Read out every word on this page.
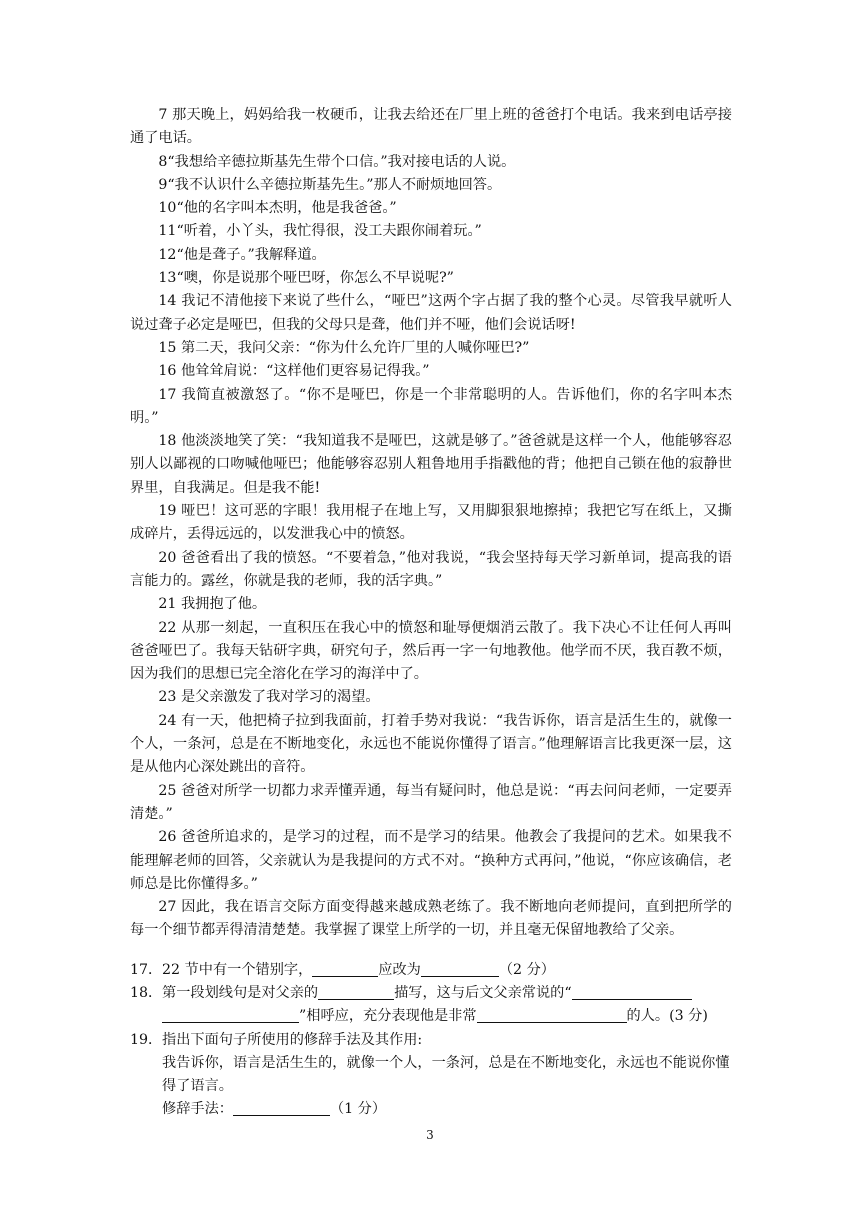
7 那天晚上，妈妈给我一枚硬币，让我去给还在厂里上班的爸爸打个电话。我来到电话亭接通了电话。

8“我想给辛德拉斯基先生带个口信。”我对接电话的人说。

9“我不认识什么辛德拉斯基先生。”那人不耐烦地回答。

10“他的名字叫本杰明，他是我爸爸。”

11“听着，小丫头，我忙得很，没工夫跟你闹着玩。”

12“他是聋子。”我解释道。

13“噢，你是说那个哑巴呀，你怎么不早说呢?”

14 我记不清他接下来说了些什么，“哑巴”这两个字占据了我的整个心灵。尽管我早就听人说过聋子必定是哑巴，但我的父母只是聋，他们并不哑，他们会说话呀!

15 第二天，我问父亲：“你为什么允许厂里的人喊你哑巴?”

16 他耸耸肩说：“这样他们更容易记得我。”

17 我简直被激怒了。“你不是哑巴，你是一个非常聪明的人。告诉他们，你的名字叫本杰明。”

18 他淡淡地笑了笑：“我知道我不是哑巴，这就是够了。”爸爸就是这样一个人，他能够容忍别人以鄙视的口吻喊他哑巴；他能够容忍别人粗鲁地用手指戳他的背；他把自己锁在他的寂静世界里，自我满足。但是我不能!

19 哑巴！这可恶的字眼！我用棍子在地上写，又用脚狠狠地擦掉；我把它写在纸上，又撕成碎片，丢得远远的，以发泄我心中的愤怒。

20 爸爸看出了我的愤怒。“不要着急，”他对我说，“我会坚持每天学习新单词，提高我的语言能力的。露丝，你就是我的老师，我的活字典。”

21 我拥抱了他。

22 从那一刻起，一直积压在我心中的愤怒和耻辱便烟消云散了。我下决心不让任何人再叫爸爸哑巴了。我每天钻研字典，研究句子，然后再一字一句地教他。他学而不厌，我百教不烦，因为我们的思想已完全溶化在学习的海洋中了。

23 是父亲激发了我对学习的渴望。

24 有一天，他把椅子拉到我面前，打着手势对我说：“我告诉你，语言是活生生的，就像一个人，一条河，总是在不断地变化，永远也不能说你懂得了语言。”他理解语言比我更深一层，这是从他内心深处跳出的音符。

25 爸爸对所学一切都力求弄懂弄通，每当有疑问时，他总是说：“再去问问老师，一定要弄清楚。”

26 爸爸所追求的，是学习的过程，而不是学习的结果。他教会了我提问的艺术。如果我不能理解老师的回答，父亲就认为是我提问的方式不对。“换种方式再问，”他说，“你应该确信，老师总是比你懂得多。”

27 因此，我在语言交际方面变得越来越成熟老练了。我不断地向老师提问，直到把所学的每一个细节都弄得清清楚楚。我掌握了课堂上所学的一切，并且毫无保留地教给了父亲。

17． 22 节中有一个错别字，	应改为	（2 分）

18． 第一段划线句是对父亲的	描写，这与后文父亲常说的“
”相呼应，充分表现他是非常	的人。(3 分)

19． 指出下面句子所使用的修辞手法及其作用:

我告诉你，语言是活生生的，就像一个人，一条河，总是在不断地变化，永远也不能说你懂得了语言。

修辞手法：	（1 分）

3
